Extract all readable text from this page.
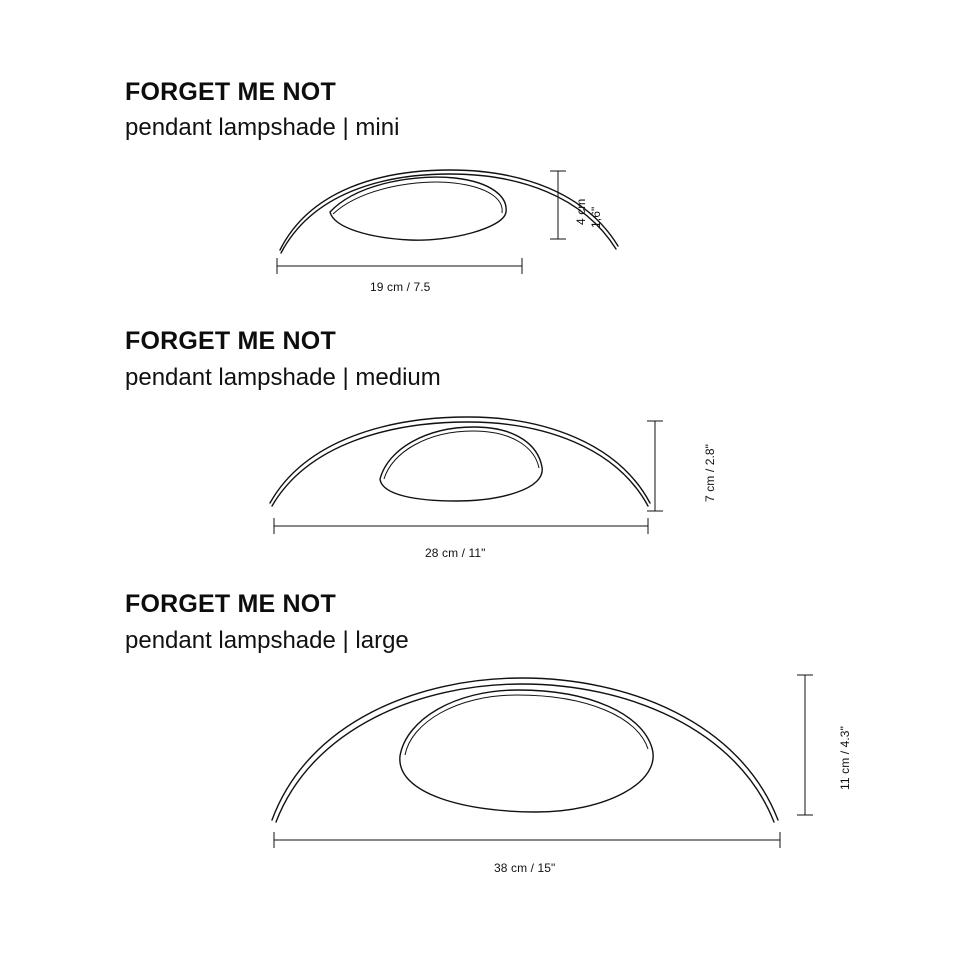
FORGET ME NOT
pendant lampshade | mini
19 cm / 7.5
4 cm 1,6"
FORGET ME NOT
pendant lampshade | medium
28 cm / 11"
7 cm / 2.8"
FORGET ME NOT
pendant lampshade | large
38 cm / 15"
11 cm / 4.3"
